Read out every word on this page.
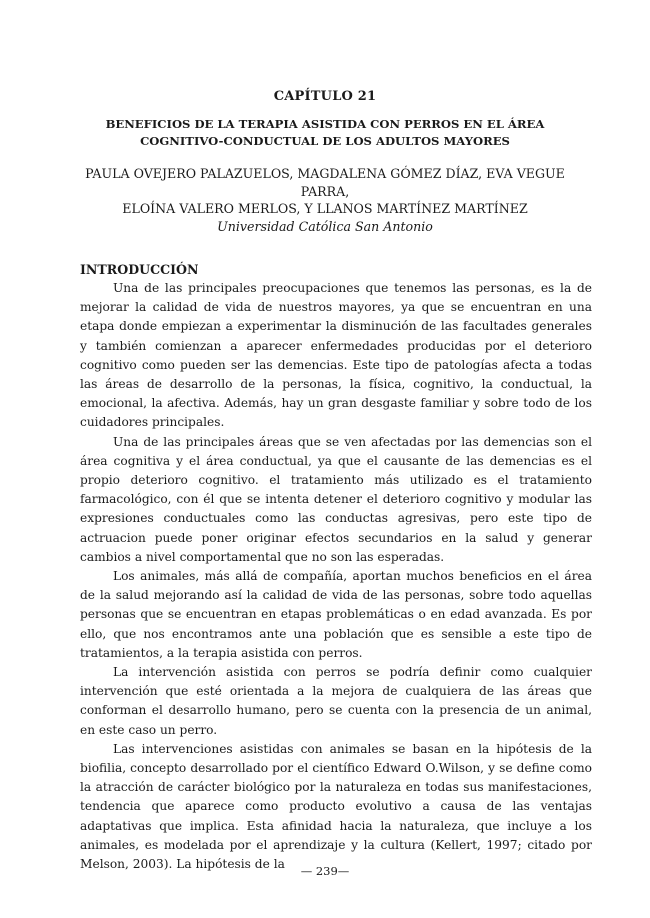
CAPÍTULO 21
BENEFICIOS DE LA TERAPIA ASISTIDA CON PERROS EN EL ÁREA COGNITIVO-CONDUCTUAL DE LOS ADULTOS MAYORES
PAULA OVEJERO PALAZUELOS, MAGDALENA GÓMEZ DÍAZ, EVA VEGUE PARRA,
ELOÍNA VALERO MERLOS, Y LLANOS MARTÍNEZ MARTÍNEZ
Universidad Católica San Antonio
INTRODUCCIÓN

Una de las principales preocupaciones que tenemos las personas, es la de mejorar la calidad de vida de nuestros mayores, ya que se encuentran en una etapa donde empiezan a experimentar la disminución de las facultades generales y también comienzan a aparecer enfermedades producidas por el deterioro cognitivo como pueden ser las demencias. Este tipo de patologías afecta a todas las áreas de desarrollo de la personas, la física, cognitivo, la conductual, la emocional, la afectiva. Además, hay un gran desgaste familiar y sobre todo de los cuidadores principales.

Una de las principales áreas que se ven afectadas por las demencias son el área cognitiva y el área conductual, ya que el causante de las demencias es el propio deterioro cognitivo. el tratamiento más utilizado es el tratamiento farmacológico, con él que se intenta detener el deterioro cognitivo y modular las expresiones conductuales como las conductas agresivas, pero este tipo de actruacion puede poner originar efectos secundarios en la salud y generar cambios a nivel comportamental que no son las esperadas.

Los animales, más allá de compañía, aportan muchos beneficios en el área de la salud mejorando así la calidad de vida de las personas, sobre todo aquellas personas que se encuentran en etapas problemáticas o en edad avanzada. Es por ello, que nos encontramos ante una población que es sensible a este tipo de tratamientos, a la terapia asistida con perros.

La intervención asistida con perros se podría definir como cualquier intervención que esté orientada a la mejora de cualquiera de las áreas que conforman el desarrollo humano, pero se cuenta con la presencia de un animal, en este caso un perro.

Las intervenciones asistidas con animales se basan en la hipótesis de la biofilia, concepto desarrollado por el científico Edward O.Wilson, y se define como la atracción de carácter biológico por la naturaleza en todas sus manifestaciones, tendencia que aparece como producto evolutivo a causa de las ventajas adaptativas que implica. Esta afinidad hacia la naturaleza, que incluye a los animales, es modelada por el aprendizaje y la cultura (Kellert, 1997; citado por Melson, 2003). La hipótesis de la	— 239—
